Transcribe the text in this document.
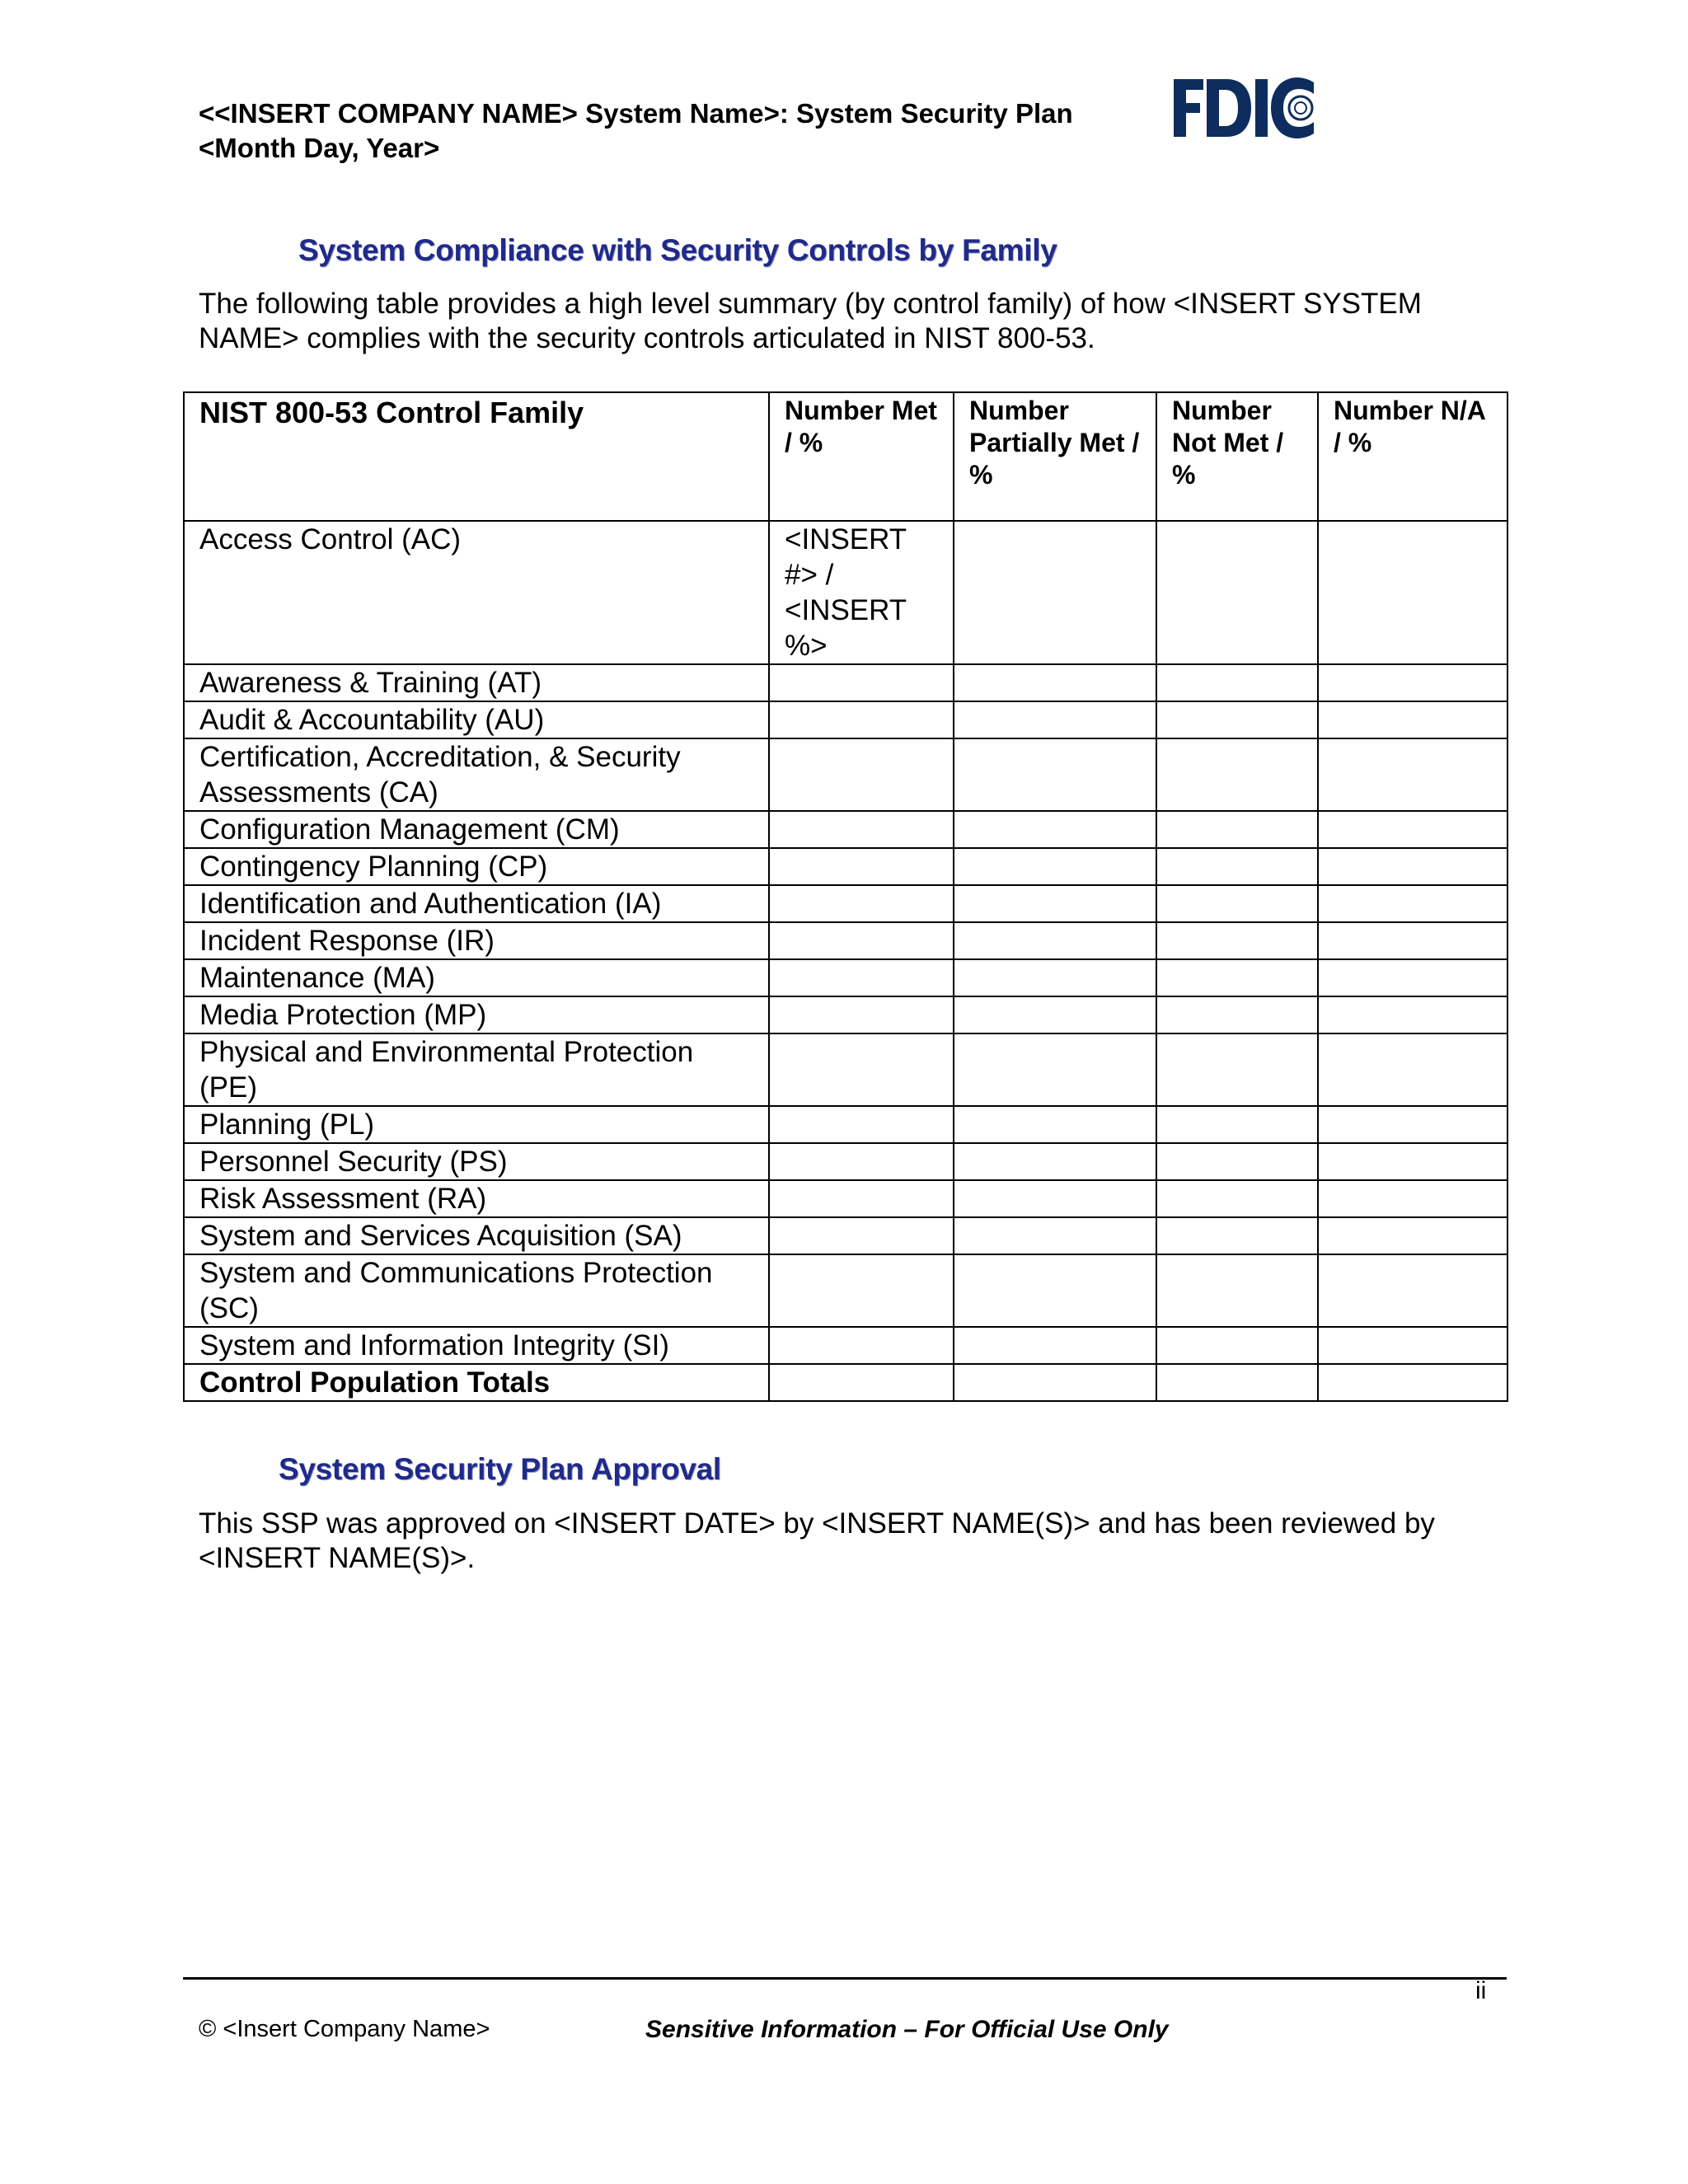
<<INSERT COMPANY NAME> System Name>: System Security Plan
<Month Day, Year>
System Compliance with Security Controls by Family
The following table provides a high level summary (by control family) of how <INSERT SYSTEM NAME> complies with the security controls articulated in NIST 800-53.
NIST 800-53 Control Family	Number Met / %	Number Partially Met / %	Number Not Met / %	Number N/A / %
Access Control (AC)	<INSERT #> / <INSERT %>			
Awareness & Training (AT)				
Audit & Accountability (AU)				
Certification, Accreditation, & Security Assessments (CA)				
Configuration Management (CM)				
Contingency Planning (CP)				
Identification and Authentication (IA)				
Incident Response (IR)				
Maintenance (MA)				
Media Protection (MP)				
Physical and Environmental Protection (PE)				
Planning (PL)				
Personnel Security (PS)				
Risk Assessment (RA)				
System and Services Acquisition (SA)				
System and Communications Protection (SC)				
System and Information Integrity (SI)				
Control Population Totals				
System Security Plan Approval
This SSP was approved on <INSERT DATE> by <INSERT NAME(S)> and has been reviewed by <INSERT NAME(S)>.
ii
© <Insert Company Name>	Sensitive Information – For Official Use Only
